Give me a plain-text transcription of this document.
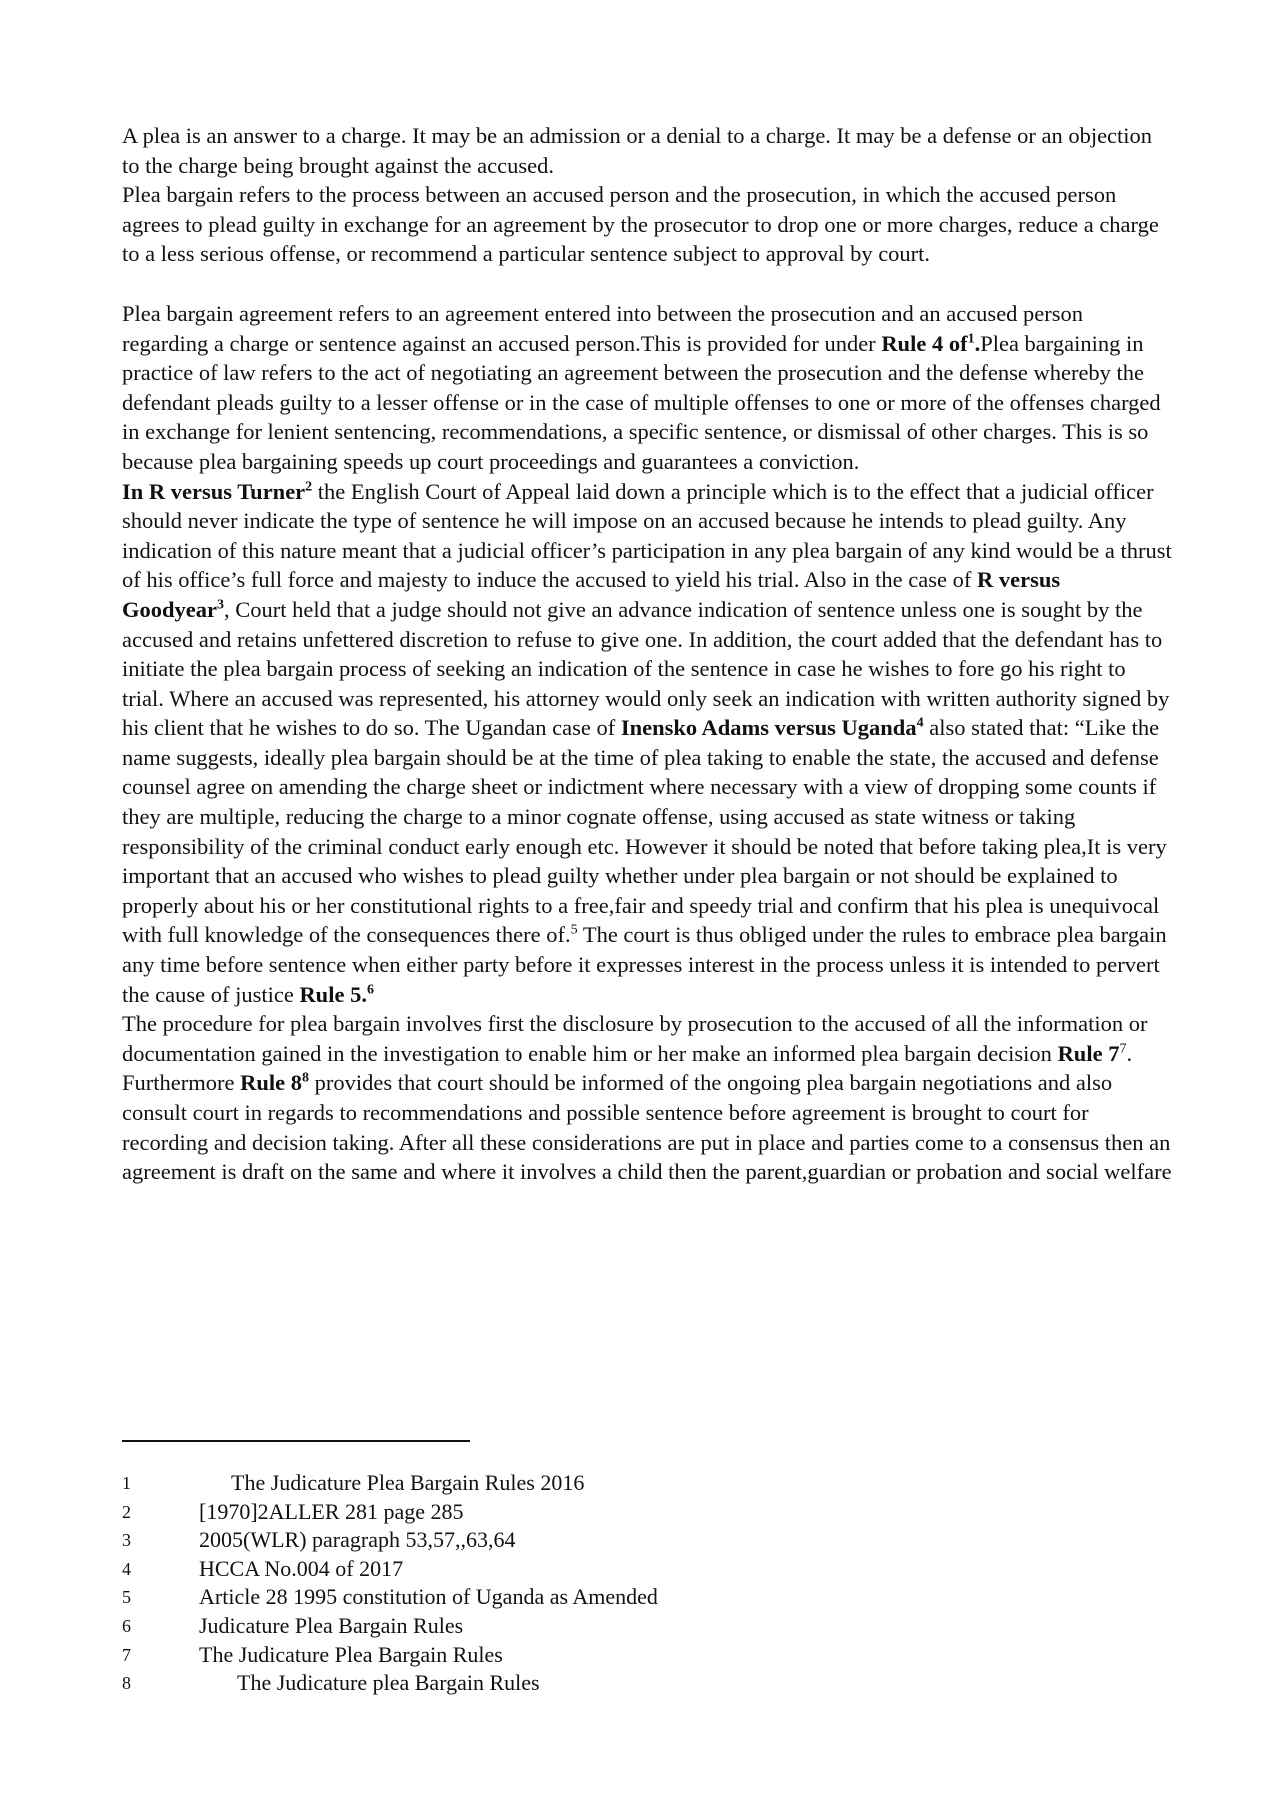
A plea is an answer to a charge. It may be an admission or a denial to a charge. It may be a defense or an objection to the charge being brought against the accused.

Plea bargain refers to the process between an accused person and the prosecution, in which the accused person agrees to plead guilty in exchange for an agreement by the prosecutor to drop one or more charges, reduce a charge to a less serious offense, or recommend a particular sentence subject to approval by court.

Plea bargain agreement refers to an agreement entered into between the prosecution and an accused person regarding a charge or sentence against an accused person.This is provided for under Rule 4 $of^1.Plea$ bargaining in practice of law refers to the act of negotiating an agreement between the prosecution and the defense whereby the defendant pleads guilty to a lesser offense or in the case of multiple offenses to one or more of the offenses charged in exchange for lenient sentencing, recommendations, a specific sentence, or dismissal of other charges. This is so because plea bargaining speeds up court proceedings and guarantees a conviction.

In R versus Turner$^2$ the English Court of Appeal laid down a principle which is to the effect that a judicial officer should never indicate the type of sentence he will impose on an accused because he intends to plead guilty. Any indication of this nature meant that a judicial officer’s participation in any plea bargain of any kind would be a thrust of his office’s full force and majesty to induce the accused to yield his trial. Also in the case of R versus Goodyear$^3$, Court held that a judge should not give an advance indication of sentence unless one is sought by the accused and retains unfettered discretion to refuse to give one. In addition, the court added that the defendant has to initiate the plea bargain process of seeking an indication of the sentence in case he wishes to fore go his right to trial. Where an accused was represented, his attorney would only seek an indication with written authority signed by his client that he wishes to do so. The Ugandan case of Inensko Adams versus Uganda$^4$ also stated that: “Like the name suggests, ideally plea bargain should be at the time of plea taking to enable the state, the accused and defense counsel agree on amending the charge sheet or indictment where necessary with a view of dropping some counts if they are multiple, reducing the charge to a minor cognate offense, using accused as state witness or taking responsibility of the criminal conduct early enough etc. However it should be noted that before taking plea,It is very important that an accused who wishes to plead guilty whether under plea bargain or not should be explained to properly about his or her constitutional rights to a free,fair and speedy trial and confirm that his plea is unequivocal with full knowledge of the consequences there of.$^5$ The court is thus obliged under the rules to embrace plea bargain any time before sentence when either party before it expresses interest in the process unless it is intended to pervert the cause of justice Rule 5.$^6$

The procedure for plea bargain involves first the disclosure by prosecution to the accused of all the information or documentation gained in the investigation to enable him or her make an informed plea bargain decision Rule $7^7$. Furthermore Rule $8^8$ provides that court should be informed of the ongoing plea bargain negotiations and also consult court in regards to recommendations and possible sentence before agreement is brought to court for recording and decision taking. After all these considerations are put in place and parties come to a consensus then an agreement is draft on the same and where it involves a child then the parent,guardian or probation and social welfare

1	The Judicature Plea Bargain Rules 2016
2	[1970]2ALLER 281 page 285
3	2005(WLR) paragraph 53,57,,63,64
4	HCCA No.004 of 2017
5	Article 28 1995 constitution of Uganda as Amended
6	Judicature Plea Bargain Rules
7	The Judicature Plea Bargain Rules
8	The Judicature plea Bargain Rules
